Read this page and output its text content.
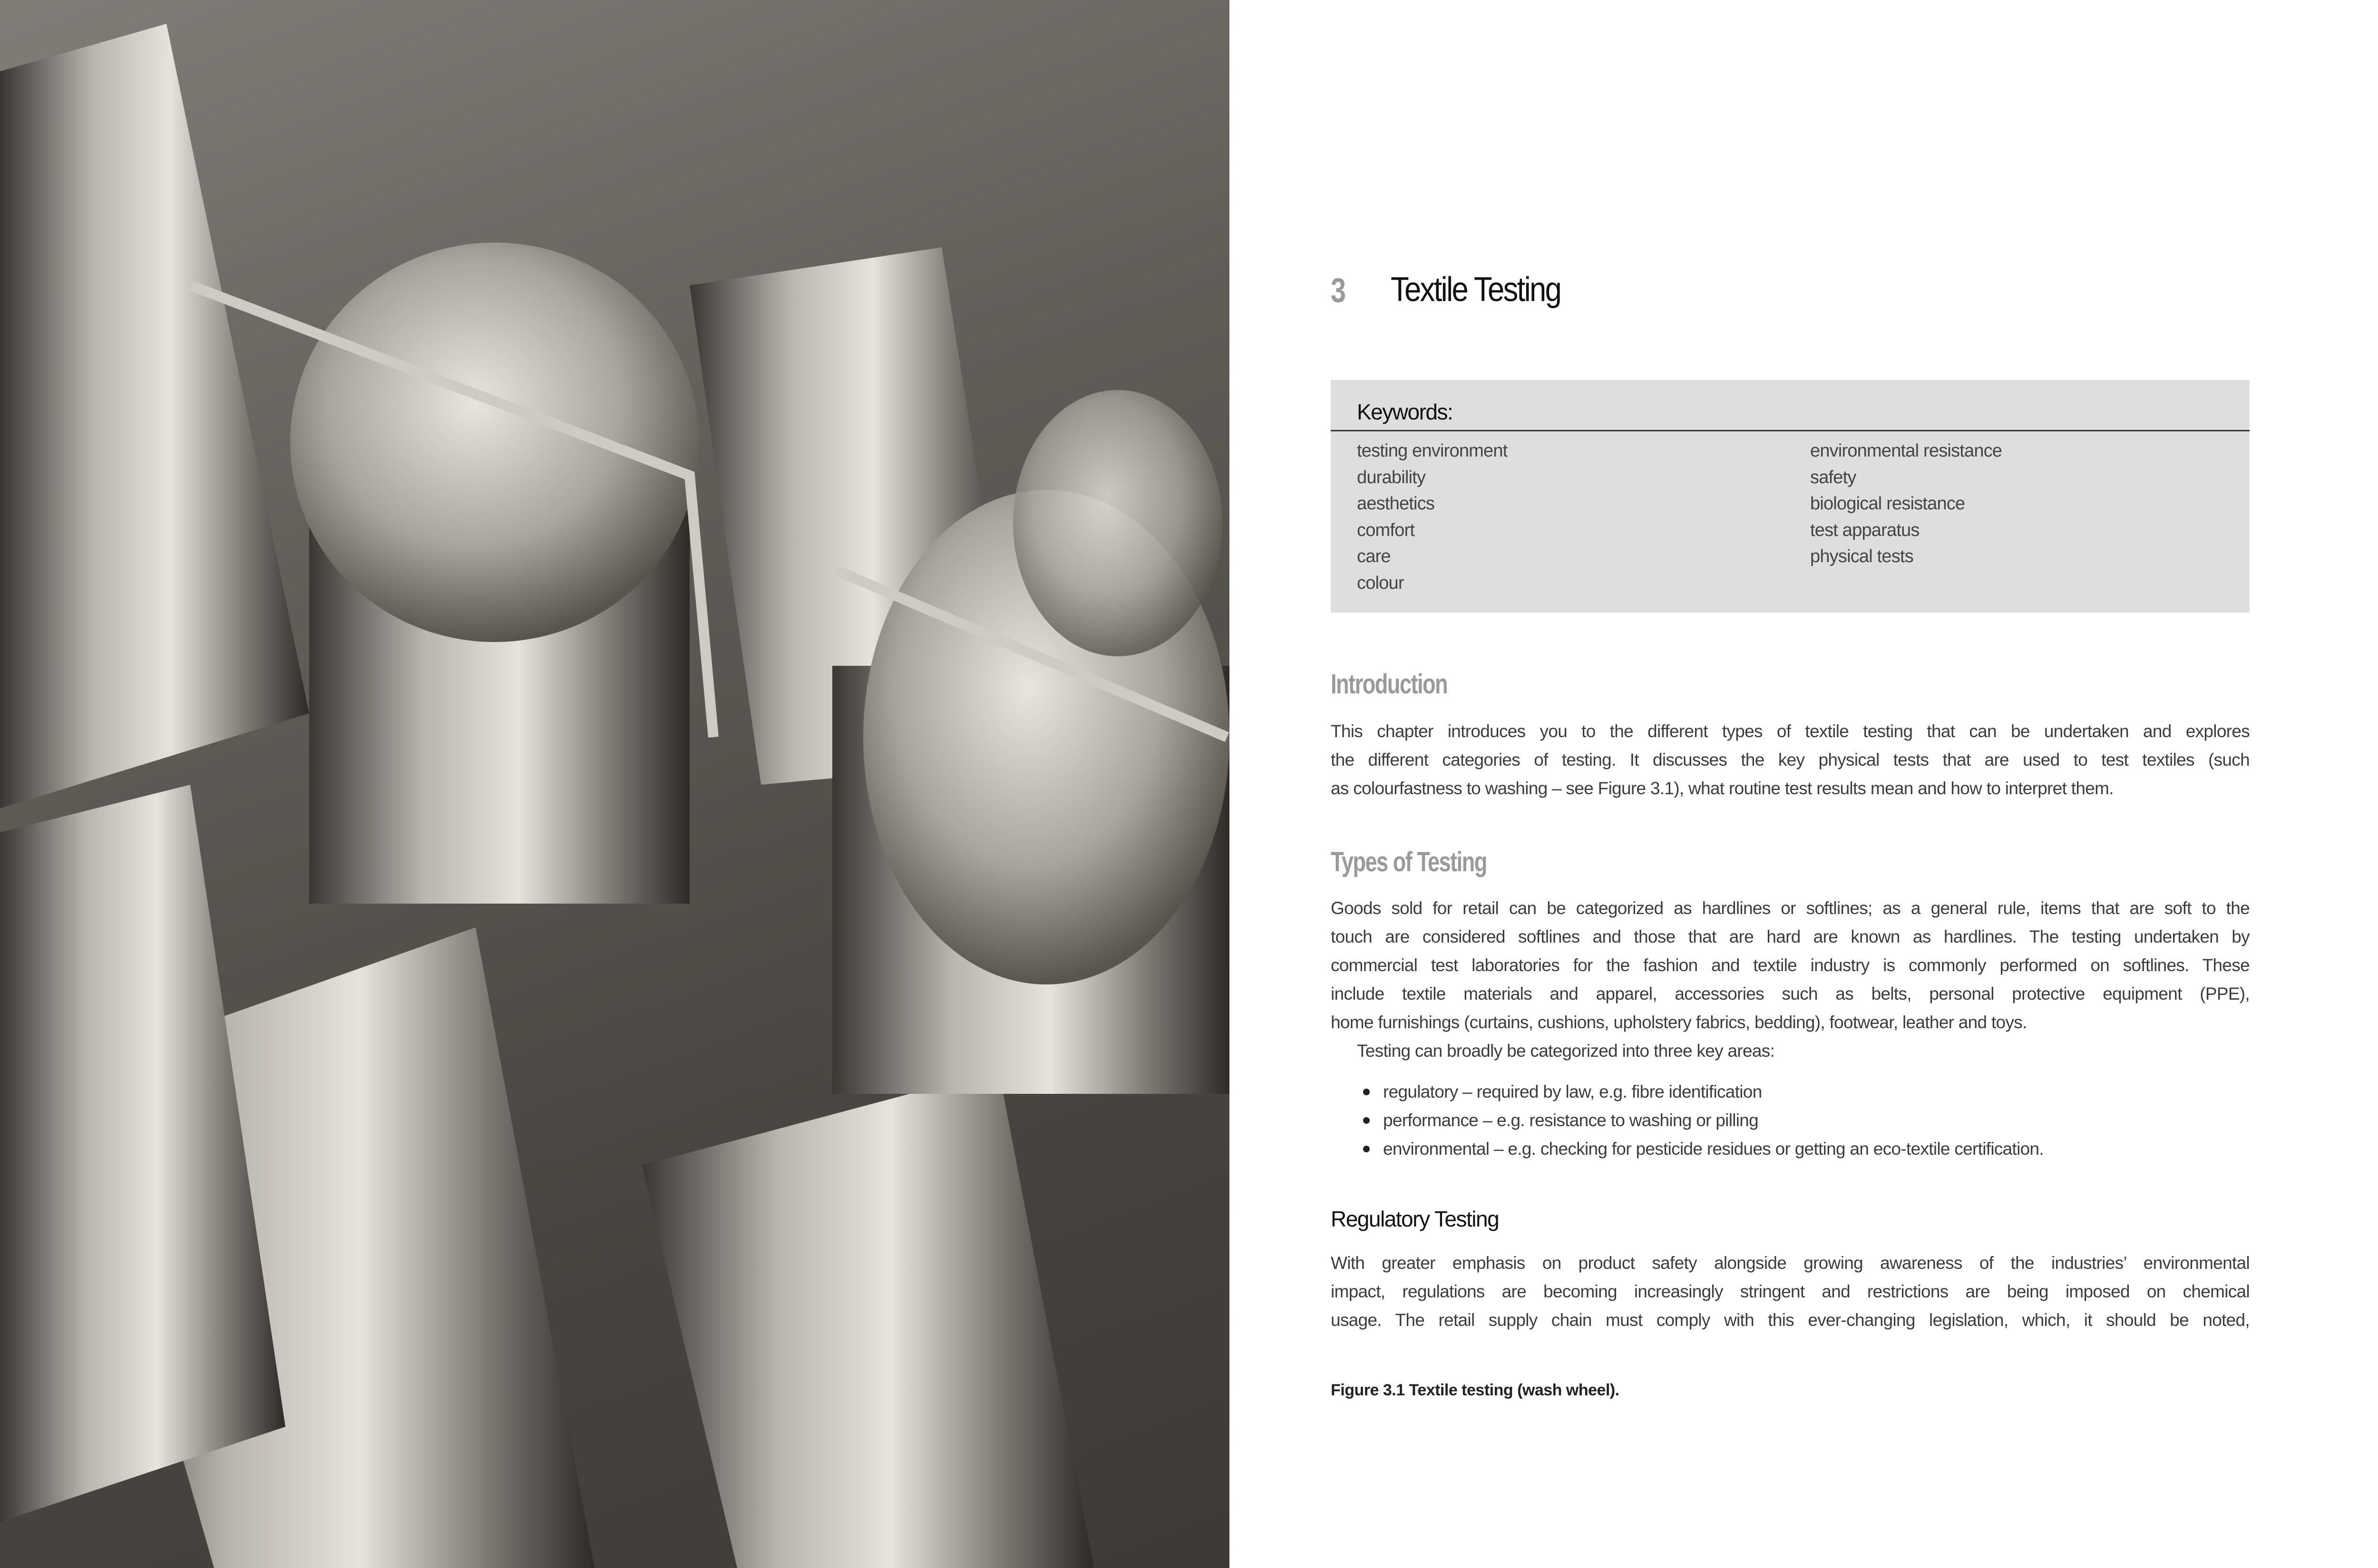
3 Textile Testing
Keywords:
testing environment
durability
aesthetics
comfort
care
colour
environmental resistance
safety
biological resistance
test apparatus
physical tests
Introduction
This chapter introduces you to the different types of textile testing that can be undertaken and explores
the different categories of testing. It discusses the key physical tests that are used to test textiles (such
as colourfastness to washing – see Figure 3.1), what routine test results mean and how to interpret them.
Types of Testing
Goods sold for retail can be categorized as hardlines or softlines; as a general rule, items that are soft to the
touch are considered softlines and those that are hard are known as hardlines. The testing undertaken by
commercial test laboratories for the fashion and textile industry is commonly performed on softlines. These
include textile materials and apparel, accessories such as belts, personal protective equipment (PPE),
home furnishings (curtains, cushions, upholstery fabrics, bedding), footwear, leather and toys.
Testing can broadly be categorized into three key areas:
regulatory – required by law, e.g. fibre identification
performance – e.g. resistance to washing or pilling
environmental – e.g. checking for pesticide residues or getting an eco-textile certification.
Regulatory Testing
With greater emphasis on product safety alongside growing awareness of the industries’ environmental
impact, regulations are becoming increasingly stringent and restrictions are being imposed on chemical
usage. The retail supply chain must comply with this ever-changing legislation, which, it should be noted,
Figure 3.1 Textile testing (wash wheel).
